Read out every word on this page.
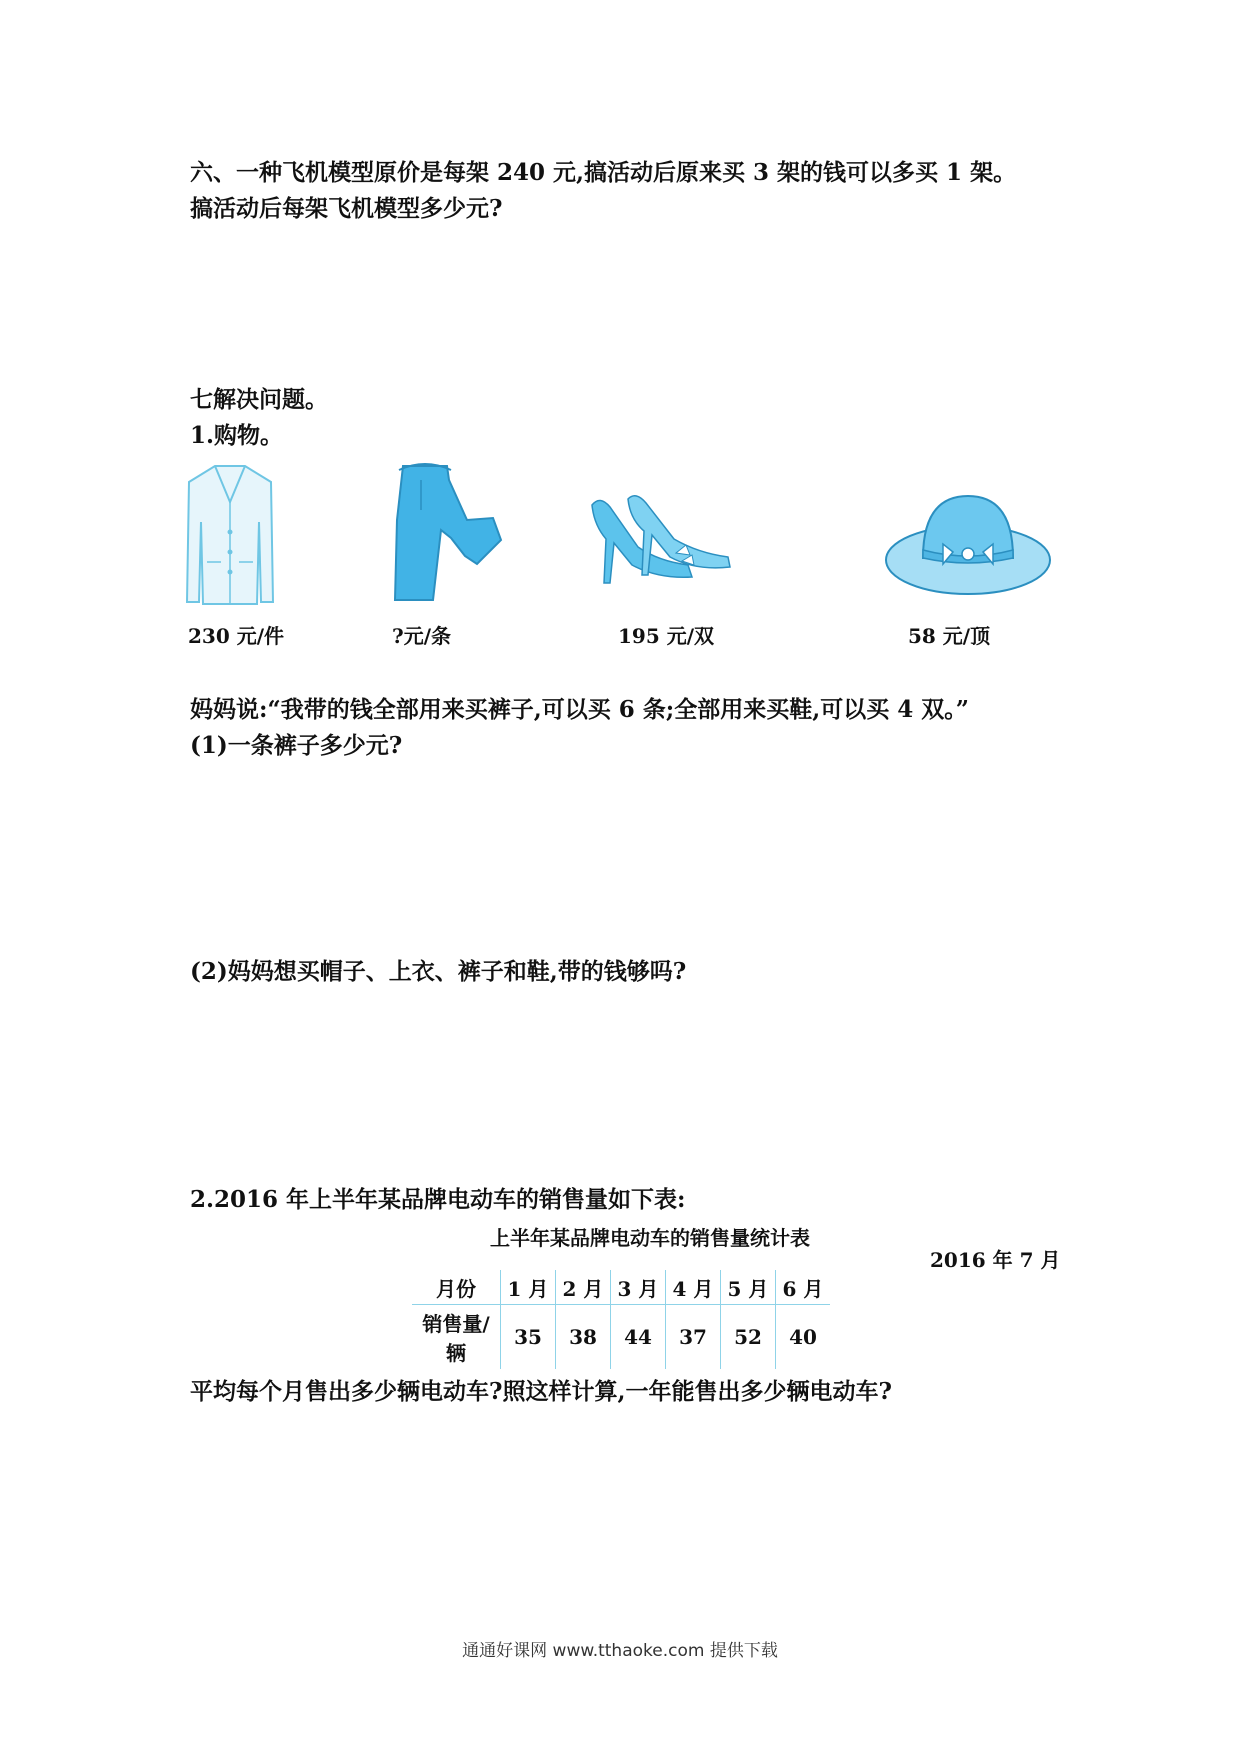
六、一种飞机模型原价是每架 240 元,搞活动后原来买 3 架的钱可以多买 1 架。

搞活动后每架飞机模型多少元?

七解决问题。

1.购物。

230 元/件	?元/条	195 元/双	58 元/顶

妈妈说:“我带的钱全部用来买裤子,可以买 6 条;全部用来买鞋,可以买 4 双。”

(1)一条裤子多少元?

(2)妈妈想买帽子、上衣、裤子和鞋,带的钱够吗?

2.2016 年上半年某品牌电动车的销售量如下表:

上半年某品牌电动车的销售量统计表

2016 年 7 月
月份	1 月	2 月	3 月	4 月	5 月	6 月

销售量/
辆	35	38	44	37	52	40

平均每个月售出多少辆电动车?照这样计算,一年能售出多少辆电动车?

通通好课网 www.tthaoke.com 提供下载
